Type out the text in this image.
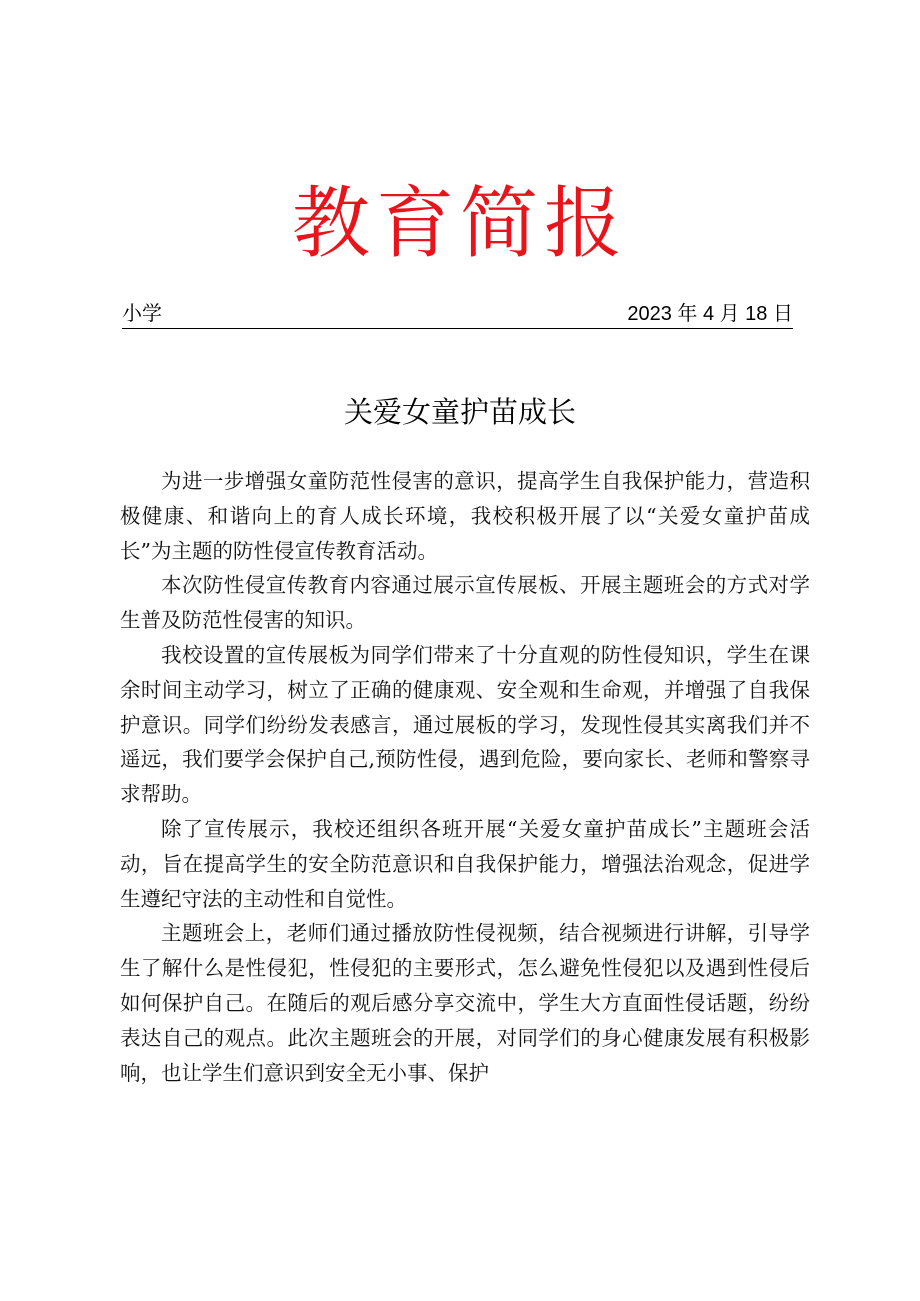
教育简报
小学	2023 年 4 月 18 日
关爱女童护苗成长

为进一步增强女童防范性侵害的意识，提高学生自我保护能力，营造积极健康、和谐向上的育人成长环境，我校积极开展了以“关爱女童护苗成长”为主题的防性侵宣传教育活动。

本次防性侵宣传教育内容通过展示宣传展板、开展主题班会的方式对学生普及防范性侵害的知识。

我校设置的宣传展板为同学们带来了十分直观的防性侵知识，学生在课余时间主动学习，树立了正确的健康观、安全观和生命观，并增强了自我保护意识。同学们纷纷发表感言，通过展板的学习，发现性侵其实离我们并不遥远，我们要学会保护自己,预防性侵，遇到危险，要向家长、老师和警察寻求帮助。

除了宣传展示，我校还组织各班开展“关爱女童护苗成长”主题班会活动，旨在提高学生的安全防范意识和自我保护能力，增强法治观念，促进学生遵纪守法的主动性和自觉性。

主题班会上，老师们通过播放防性侵视频，结合视频进行讲解，引导学生了解什么是性侵犯，性侵犯的主要形式，怎么避免性侵犯以及遇到性侵后如何保护自己。在随后的观后感分享交流中，学生大方直面性侵话题，纷纷表达自己的观点。此次主题班会的开展，对同学们的身心健康发展有积极影响，也让学生们意识到安全无小事、保护
